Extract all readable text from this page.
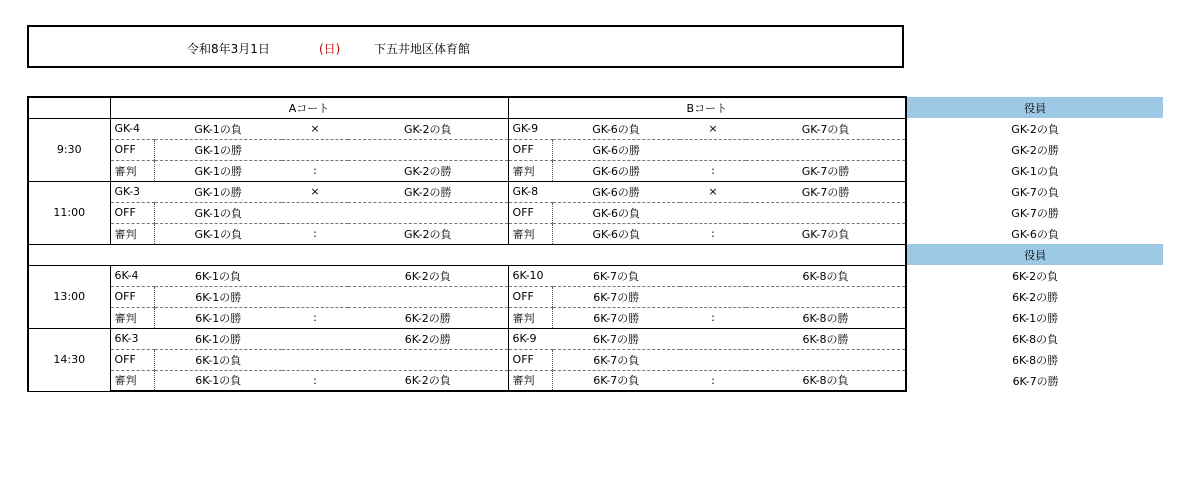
令和8年3月1日	(日)	下五井地区体育館
	Aコート				Bコート				役員
9:30	GK-4	GK-1の負	×	GK-2の負	GK-9	GK-6の負	×	GK-7の負	GK-2の負
	OFF	GK-1の勝			OFF	GK-6の勝			GK-2の勝
	審判	GK-1の勝	:	GK-2の勝	審判	GK-6の勝	:	GK-7の勝	GK-1の負
11:00	GK-3	GK-1の勝	×	GK-2の勝	GK-8	GK-6の勝	×	GK-7の勝	GK-7の負
	OFF	GK-1の負			OFF	GK-6の負			GK-7の勝
	審判	GK-1の負	:	GK-2の負	審判	GK-6の負	:	GK-7の負	GK-6の負
									役員
13:00	6K-4	6K-1の負		6K-2の負	6K-10	6K-7の負		6K-8の負	6K-2の負
	OFF	6K-1の勝			OFF	6K-7の勝			6K-2の勝
	審判	6K-1の勝	:	6K-2の勝	審判	6K-7の勝	:	6K-8の勝	6K-1の勝
14:30	6K-3	6K-1の勝		6K-2の勝	6K-9	6K-7の勝		6K-8の勝	6K-8の負
	OFF	6K-1の負			OFF	6K-7の負			6K-8の勝
	審判	6K-1の負	:	6K-2の負	審判	6K-7の負	:	6K-8の負	6K-7の勝
